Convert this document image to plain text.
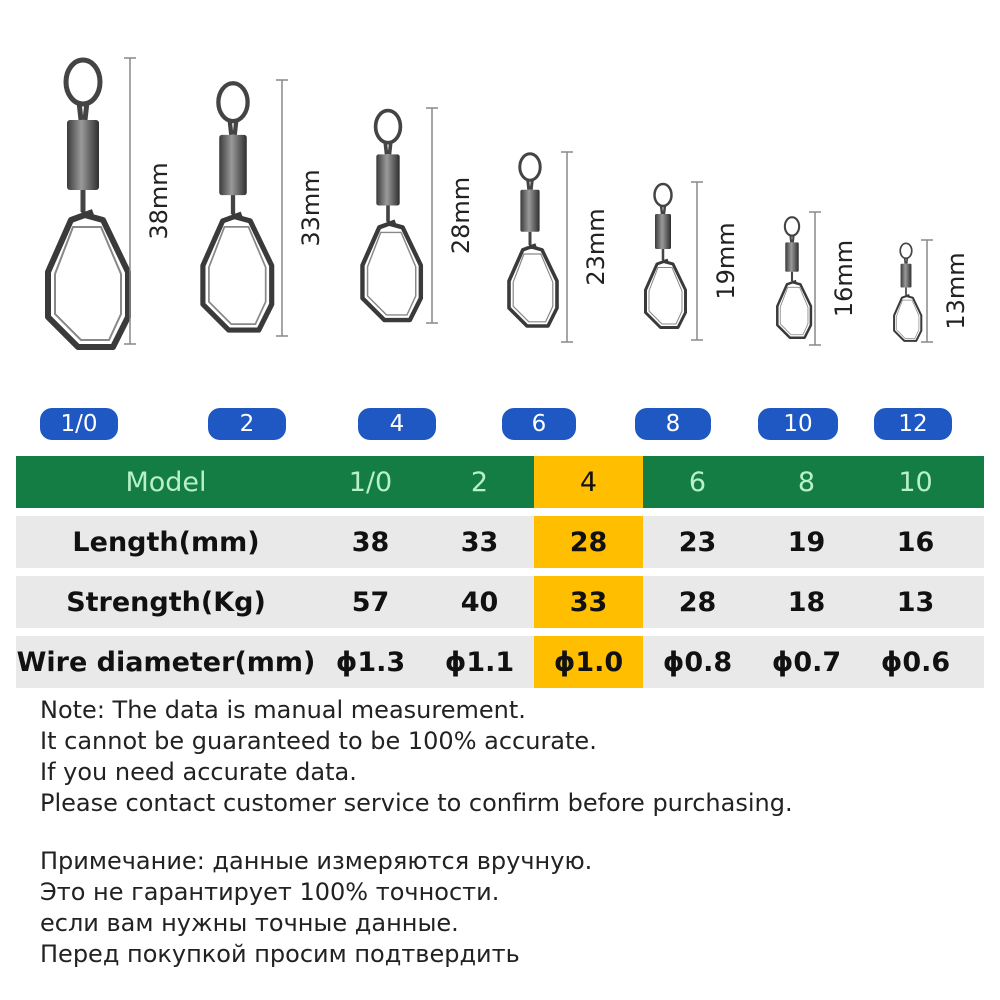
38mm	33mm	28mm	23mm	19mm	16mm	13mm
1/0	2	4	6	8	10	12
Model	1/0	2	4	6	8	10
Length(mm)	38	33	28	23	19	16
Strength(Kg)	57	40	33	28	18	13
Wire diameter(mm) ϕ1.3	ϕ1.1	ϕ1.0	ϕ0.8	ϕ0.7	ϕ0.6
Note: The data is manual measurement.
It cannot be guaranteed to be 100% accurate.
If you need accurate data.
Please contact customer service to confirm before purchasing.
Примечание: данные измеряются вручную.
Это не гарантирует 100% точности.
если вам нужны точные данные.
Перед покупкой просим подтвердить
